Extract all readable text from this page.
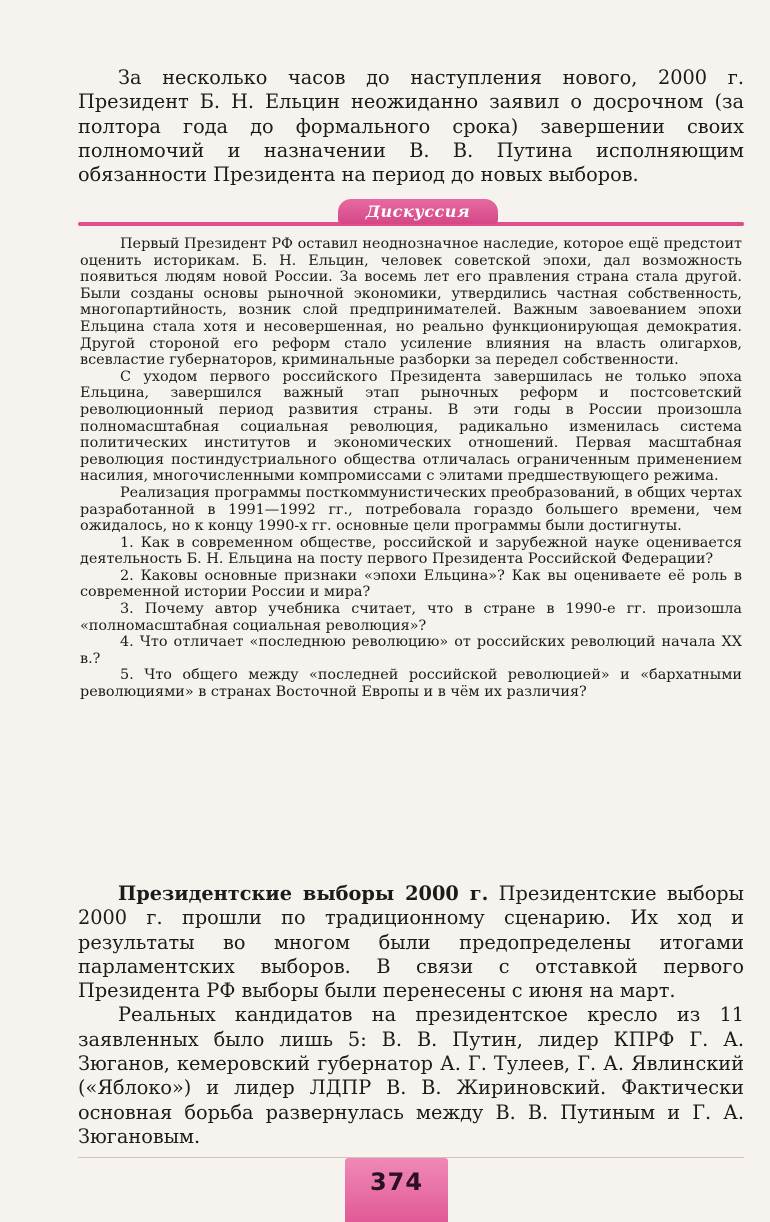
За несколько часов до наступления нового, 2000 г. Президент Б. Н. Ельцин неожиданно заявил о досрочном (за полтора года до формального срока) завершении своих полномочий и назначении В. В. Путина исполняющим обязанности Президента на период до новых выборов.

Дискуссия

Первый Президент РФ оставил неоднозначное наследие, которое ещё предстоит оценить историкам. Б. Н. Ельцин, человек советской эпохи, дал возможность появиться людям новой России. За восемь лет его правления страна стала другой. Были созданы основы рыночной экономики, утвердились частная собственность, многопартийность, возник слой предпринимателей. Важным завоеванием эпохи Ельцина стала хотя и несовершенная, но реально функционирующая демократия. Другой стороной его реформ стало усиление влияния на власть олигархов, всевластие губернаторов, криминальные разборки за передел собственности.

С уходом первого российского Президента завершилась не только эпоха Ельцина, завершился важный этап рыночных реформ и постсоветский революционный период развития страны. В эти годы в России произошла полномасштабная социальная революция, радикально изменилась система политических институтов и экономических отношений. Первая масштабная революция постиндустриального общества отличалась ограниченным применением насилия, многочисленными компромиссами с элитами предшествующего режима.

Реализация программы посткоммунистических преобразований, в общих чертах разработанной в 1991—1992 гг., потребовала гораздо большего времени, чем ожидалось, но к концу 1990-х гг. основные цели программы были достигнуты.

1. Как в современном обществе, российской и зарубежной науке оценивается деятельность Б. Н. Ельцина на посту первого Президента Российской Федерации?

2. Каковы основные признаки «эпохи Ельцина»? Как вы оцениваете её роль в современной истории России и мира?

3. Почему автор учебника считает, что в стране в 1990-е гг. произошла «полномасштабная социальная революция»?

4. Что отличает «последнюю революцию» от российских революций начала XX в.?

5. Что общего между «последней российской революцией» и «бархатными революциями» в странах Восточной Европы и в чём их различия?

Президентские выборы 2000 г. Президентские выборы 2000 г. прошли по традиционному сценарию. Их ход и результаты во многом были предопределены итогами парламентских выборов. В связи с отставкой первого Президента РФ выборы были перенесены с июня на март.

Реальных кандидатов на президентское кресло из 11 заявленных было лишь 5: В. В. Путин, лидер КПРФ Г. А. Зюганов, кемеровский губернатор А. Г. Тулеев, Г. А. Явлинский («Яблоко») и лидер ЛДПР В. В. Жириновский. Фактически основная борьба развернулась между В. В. Путиным и Г. А. Зюгановым.

374
